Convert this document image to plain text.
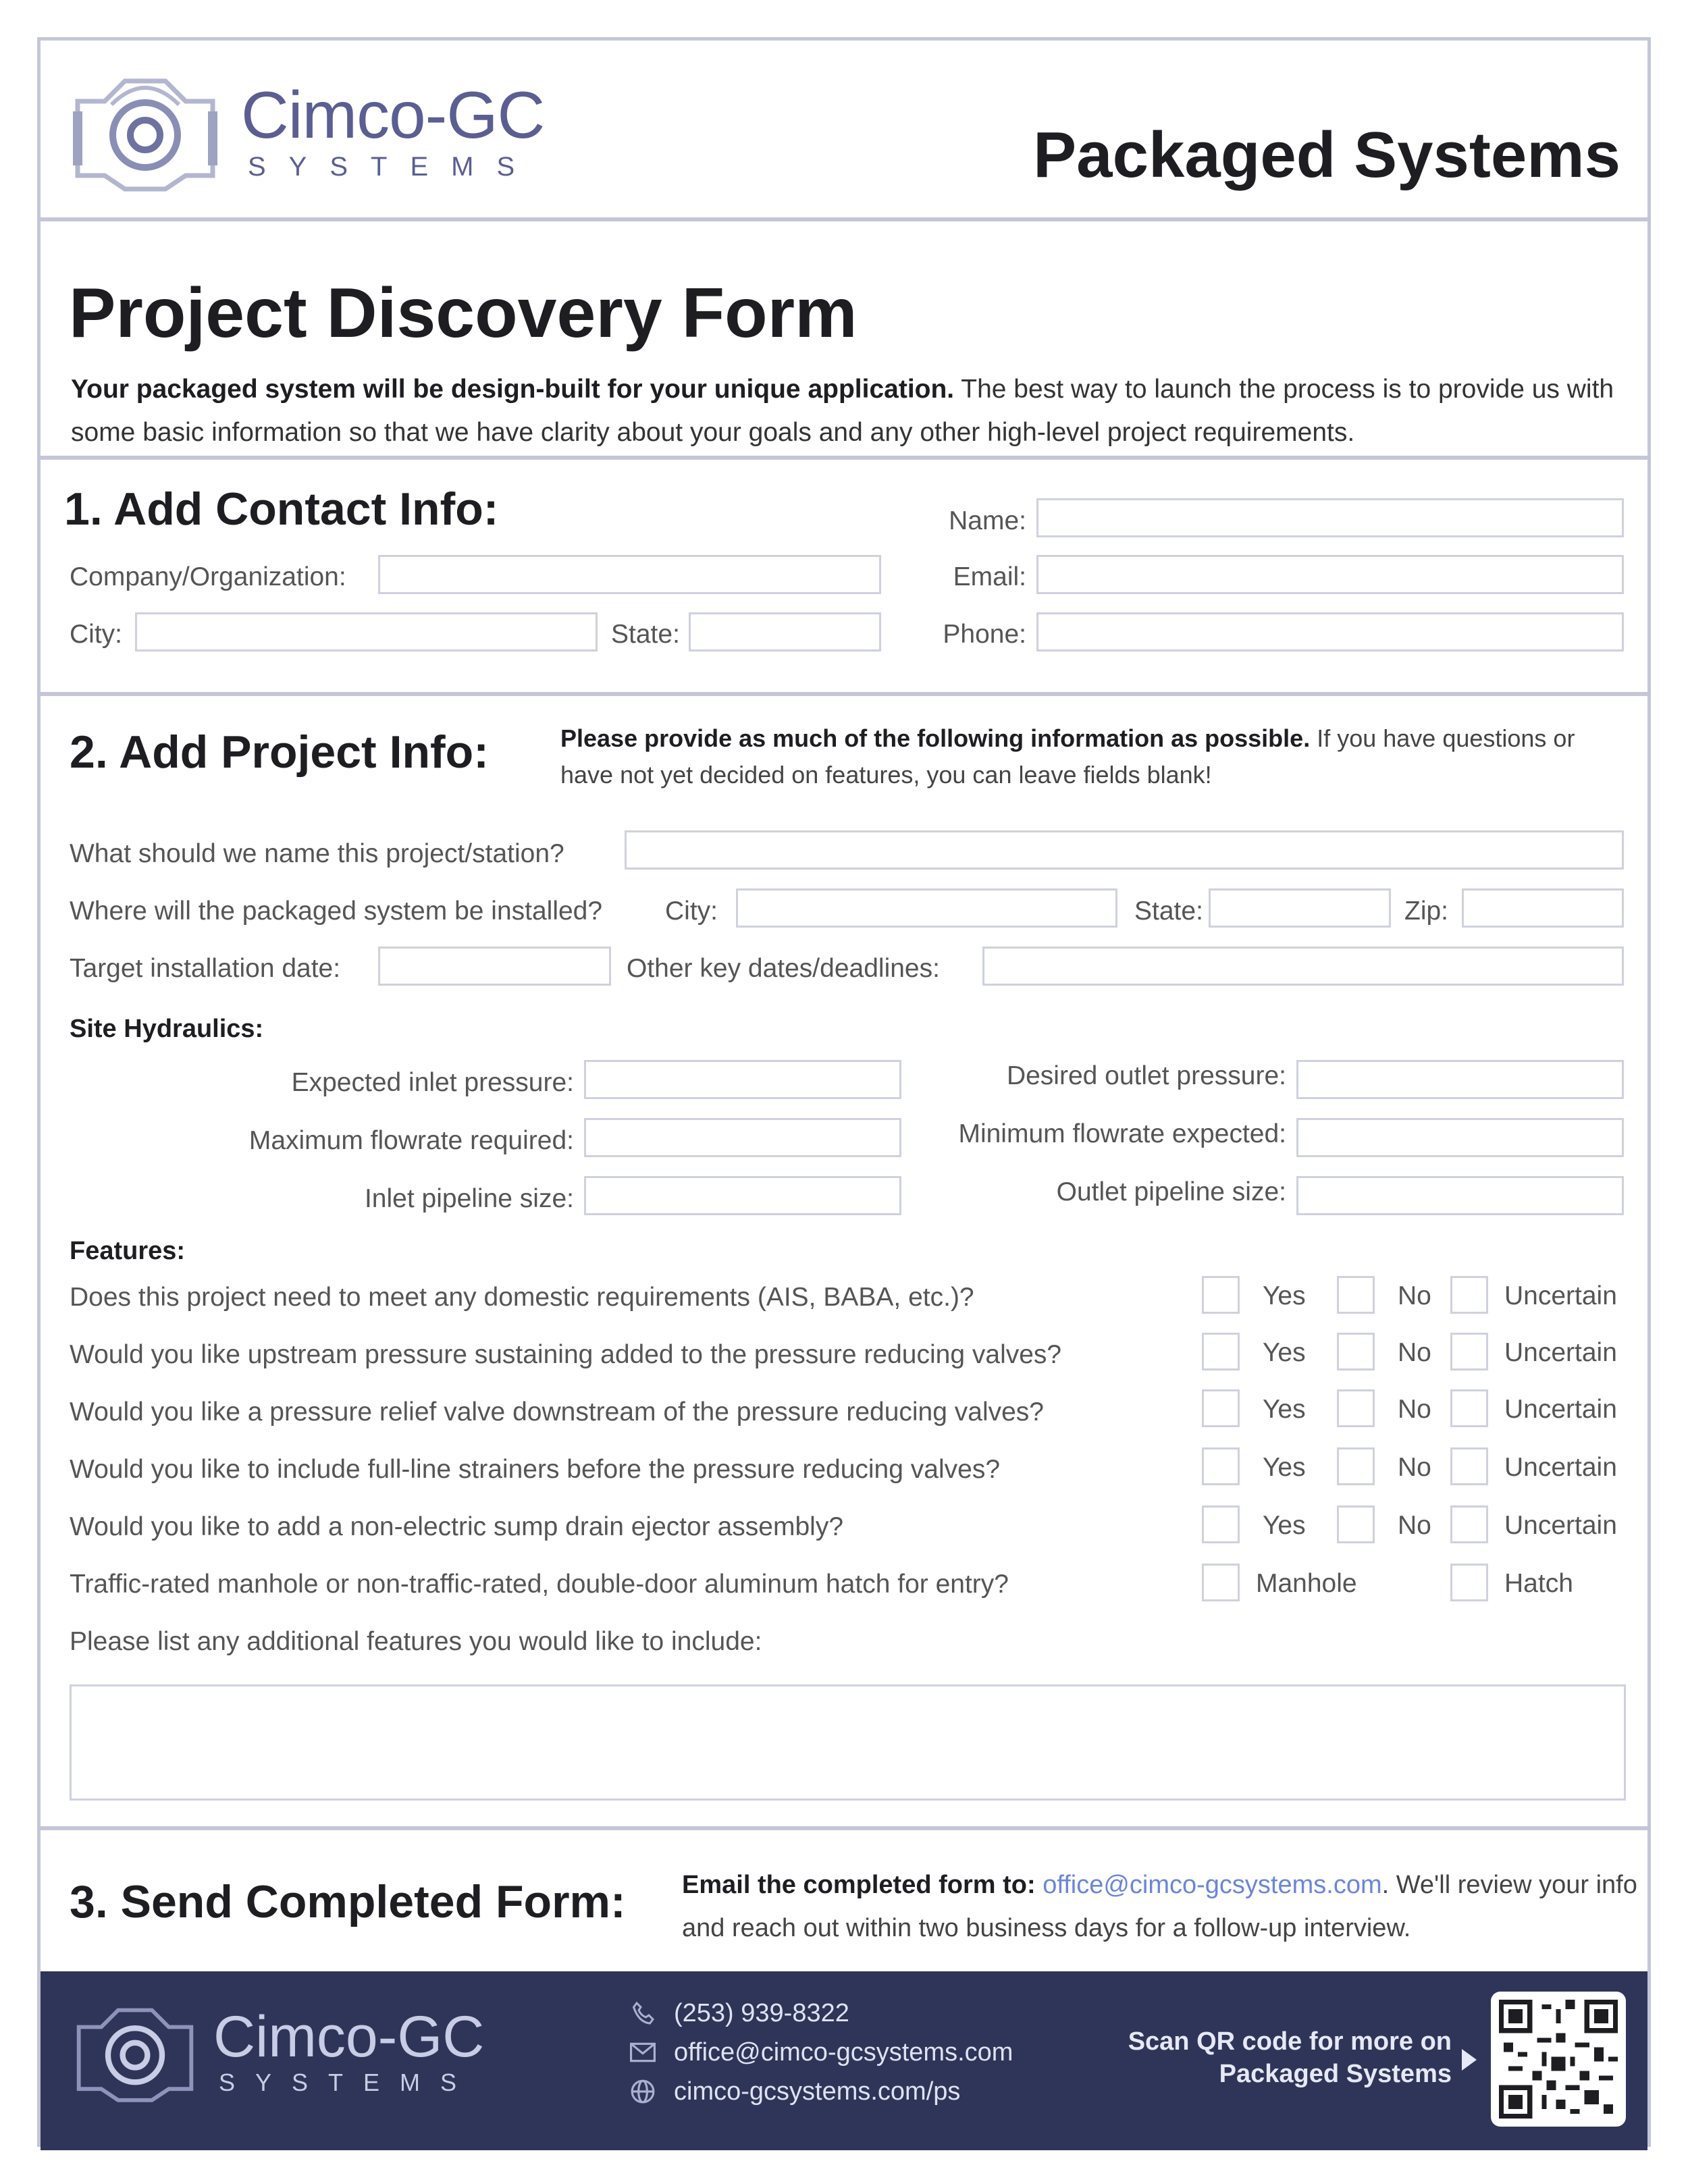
Cimco-GC
SYSTEMS	Packaged Systems
Project Discovery Form

Your packaged system will be design-built for your unique application. The best way to launch the process is to provide us with some basic information so that we have clarity about your goals and any other high-level project requirements.

1. Add Contact Info:	Name:
Company/Organization:	Email:
City:	State:	Phone:
2. Add Project Info:	Please provide as much of the following information as possible. If you have questions or have not yet decided on features, you can leave fields blank!

What should we name this project/station?
Where will the packaged system be installed? City:	State:	Zip:
Target installation date:	Other key dates/deadlines:
Site Hydraulics:
Expected inlet pressure:	Desired outlet pressure:
Maximum flowrate required:	Minimum flowrate expected:
Inlet pipeline size:	Outlet pipeline size:
Features:
Does this project need to meet any domestic requirements (AIS, BABA, etc.)?	Yes	No	Uncertain
Would you like upstream pressure sustaining added to the pressure reducing valves?	Yes	No	Uncertain
Would you like a pressure relief valve downstream of the pressure reducing valves?	Yes	No	Uncertain
Would you like to include full-line strainers before the pressure reducing valves?	Yes	No	Uncertain
Would you like to add a non-electric sump drain ejector assembly?	Yes	No	Uncertain
Traffic-rated manhole or non-traffic-rated, double-door aluminum hatch for entry?	Manhole	Hatch
Please list any additional features you would like to include:
3. Send Completed Form: Email the completed form to: office@cimco-gcsystems.com. We'll review your info and reach out within two business days for a follow-up interview.

Cimco-GC
SYSTEMS
(253) 939-8322
office@cimco-gcsystems.com
cimco-gcsystems.com/ps
Scan QR code for more on Packaged Systems
